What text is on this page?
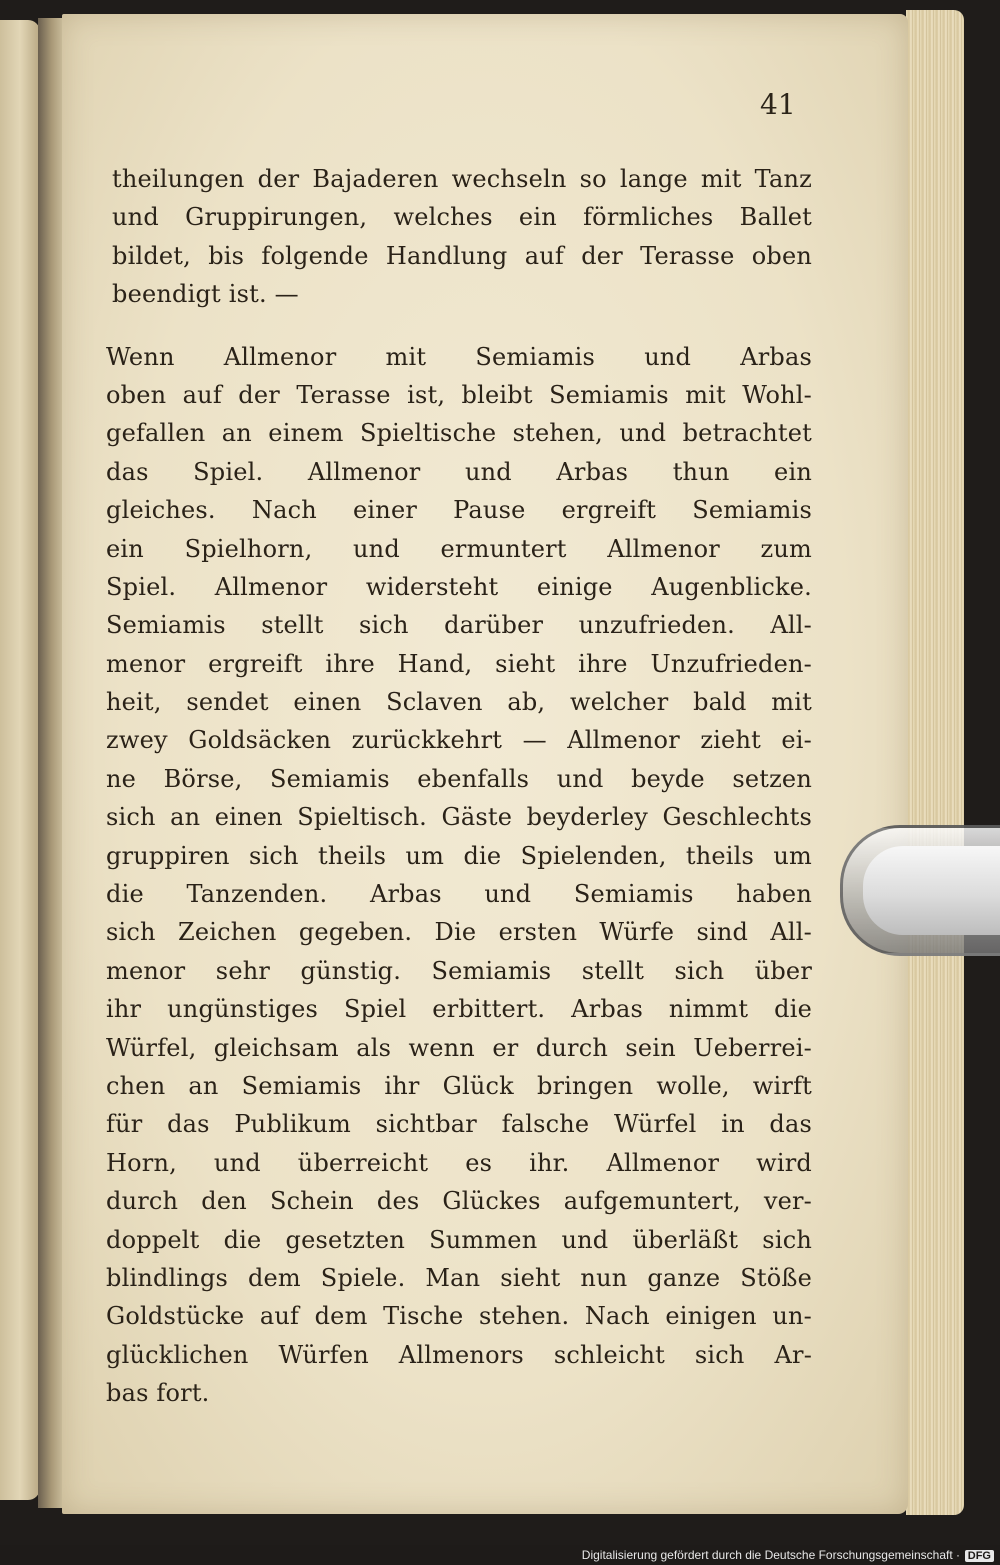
41
theilungen der Bajaderen wechseln so lange mit Tanz
und Gruppirungen, welches ein förmliches Ballet
bildet, bis folgende Handlung auf der Terasse oben
beendigt ist. —
Wenn Allmenor mit Semiamis und Arbas
oben auf der Terasse ist, bleibt Semiamis mit Wohl-
gefallen an einem Spieltische stehen, und betrachtet
das Spiel. Allmenor und Arbas thun ein
gleiches. Nach einer Pause ergreift Semiamis
ein Spielhorn, und ermuntert Allmenor zum
Spiel. Allmenor widersteht einige Augenblicke.
Semiamis stellt sich darüber unzufrieden. All-
menor ergreift ihre Hand, sieht ihre Unzufrieden-
heit, sendet einen Sclaven ab, welcher bald mit
zwey Goldsäcken zurückkehrt — Allmenor zieht ei-
ne Börse, Semiamis ebenfalls und beyde setzen
sich an einen Spieltisch. Gäste beyderley Geschlechts
gruppiren sich theils um die Spielenden, theils um
die Tanzenden. Arbas und Semiamis haben
sich Zeichen gegeben. Die ersten Würfe sind All-
menor sehr günstig. Semiamis stellt sich über
ihr ungünstiges Spiel erbittert. Arbas nimmt die
Würfel, gleichsam als wenn er durch sein Ueberrei-
chen an Semiamis ihr Glück bringen wolle, wirft
für das Publikum sichtbar falsche Würfel in das
Horn, und überreicht es ihr. Allmenor wird
durch den Schein des Glückes aufgemuntert, ver-
doppelt die gesetzten Summen und überläßt sich
blindlings dem Spiele. Man sieht nun ganze Stöße
Goldstücke auf dem Tische stehen. Nach einigen un-
glücklichen Würfen Allmenors schleicht sich Ar-
bas fort.
Digitalisierung gefördert durch die Deutsche Forschungsgemeinschaft · DFG
